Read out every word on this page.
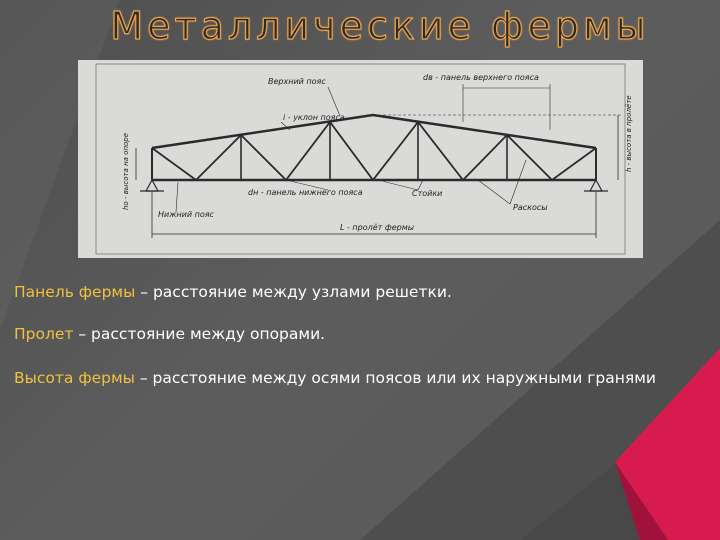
Металлические фермы
Верхний пояс	dв - панель верхнего пояса
i - уклон пояса	h - высота в пролёте
hо - высота на опоре
Нижний пояс
dн - панель нижнего пояса	Стойки
Раскосы
L - пролёт фермы

Панель фермы – расстояние между узлами решетки.

Пролет – расстояние между опорами.

Высота фермы – расстояние между осями поясов или их наружными гранями
